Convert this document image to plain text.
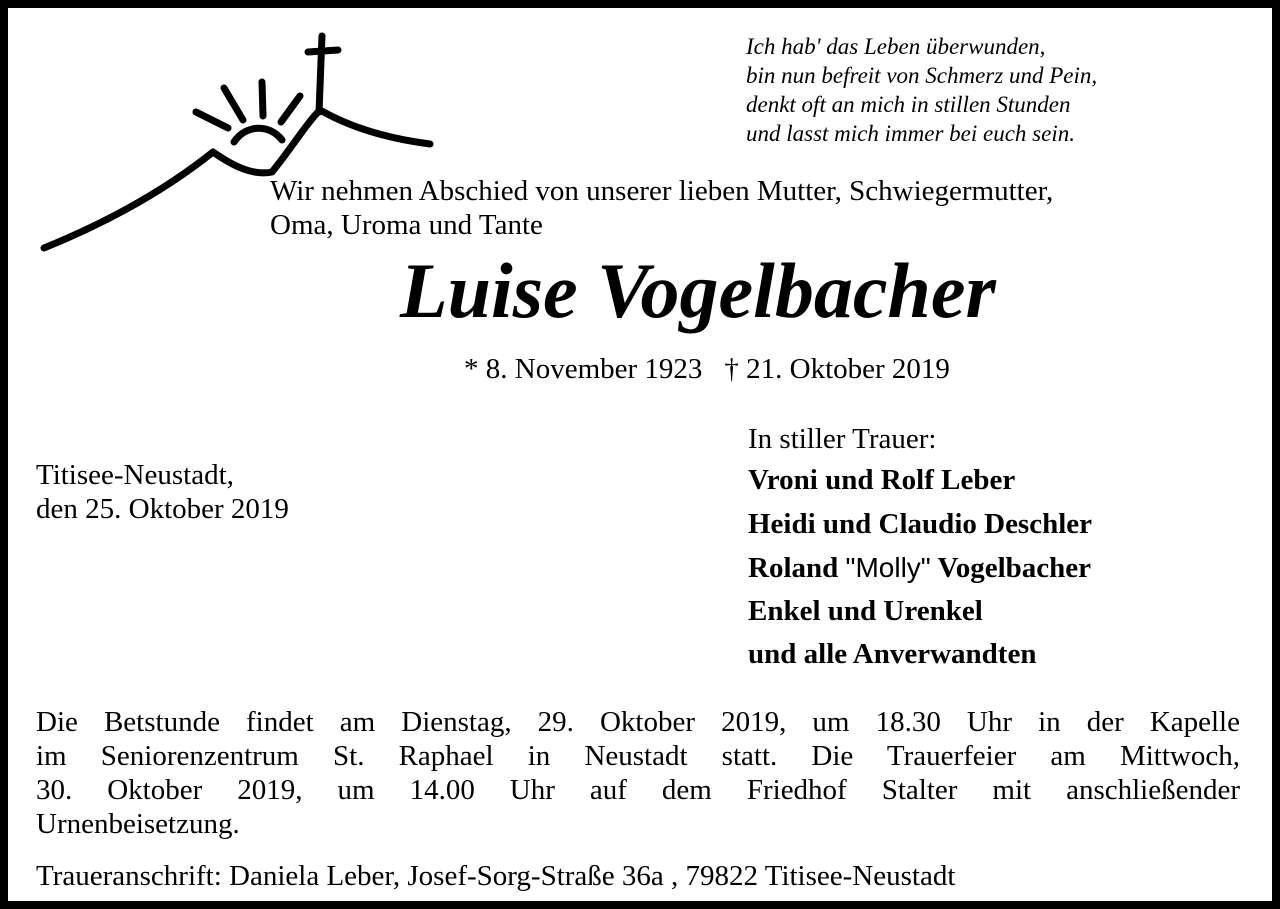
Ich hab' das Leben überwunden,
bin nun befreit von Schmerz und Pein,
denkt oft an mich in stillen Stunden
und lasst mich immer bei euch sein.
Wir nehmen Abschied von unserer lieben Mutter, Schwiegermutter,
Oma, Uroma und Tante
Luise Vogelbacher
* 8. November 1923 † 21. Oktober 2019
Titisee-Neustadt,
den 25. Oktober 2019
In stiller Trauer:
Vroni und Rolf Leber
Heidi und Claudio Deschler
Roland "Molly" Vogelbacher
Enkel und Urenkel
und alle Anverwandten
Die Betstunde findet am Dienstag, 29. Oktober 2019, um 18.30 Uhr in der Kapelle
im Seniorenzentrum St. Raphael in Neustadt statt. Die Trauerfeier am Mittwoch,
30. Oktober 2019, um 14.00 Uhr auf dem Friedhof Stalter mit anschließender
Urnenbeisetzung.
Traueranschrift: Daniela Leber, Josef-Sorg-Straße 36a , 79822 Titisee-Neustadt
